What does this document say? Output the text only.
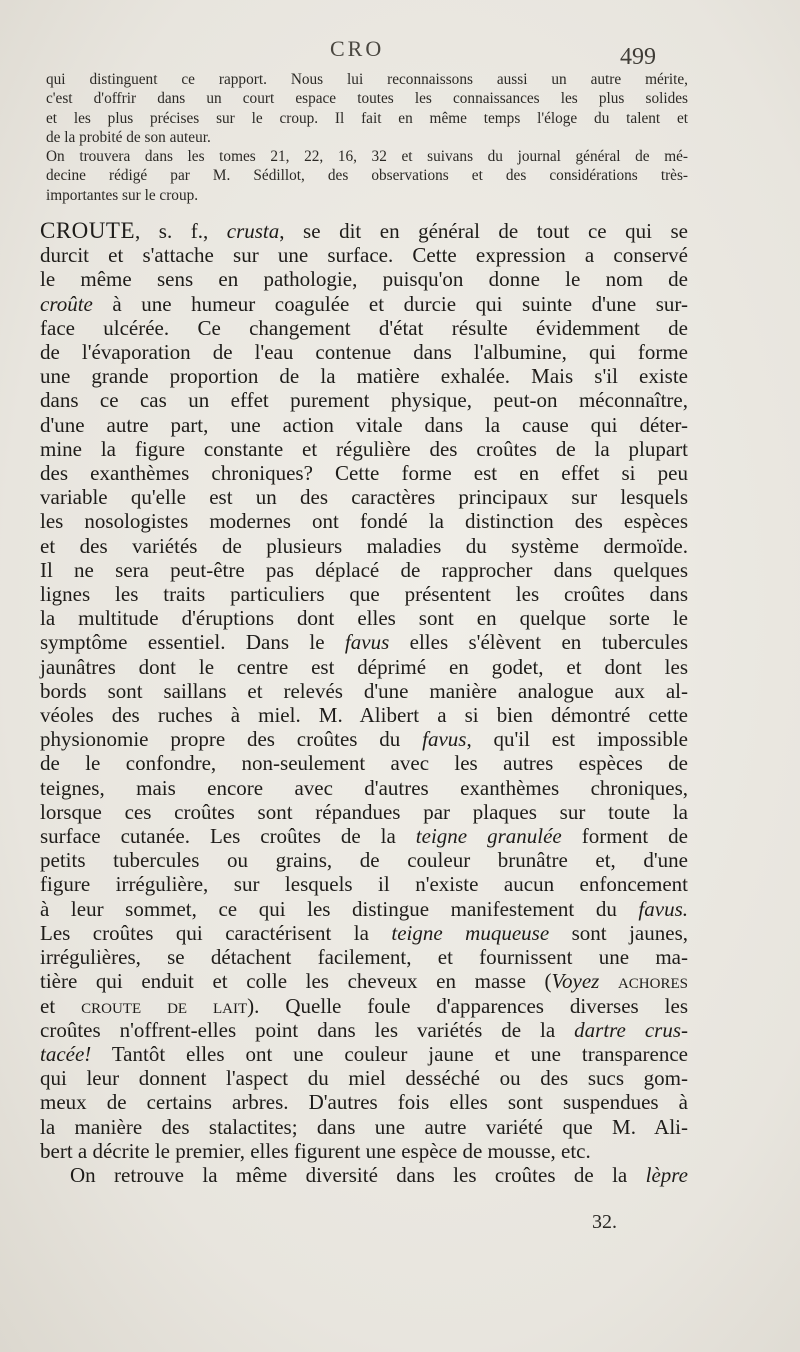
CRO	499
qui distinguent ce rapport. Nous lui reconnaissons aussi un autre mérite,
c'est d'offrir dans un court espace toutes les connaissances les plus solides
et les plus précises sur le croup. Il fait en même temps l'éloge du talent et
de la probité de son auteur.
On trouvera dans les tomes 21, 22, 16, 32 et suivans du journal général de mé-
decine rédigé par M. Sédillot, des observations et des considérations très-
importantes sur le croup.
CROUTE, s. f., crusta, se dit en général de tout ce qui se
durcit et s'attache sur une surface. Cette expression a conservé
le même sens en pathologie, puisqu'on donne le nom de
croûte à une humeur coagulée et durcie qui suinte d'une sur-
face ulcérée. Ce changement d'état résulte évidemment de
de l'évaporation de l'eau contenue dans l'albumine, qui forme
une grande proportion de la matière exhalée. Mais s'il existe
dans ce cas un effet purement physique, peut-on méconnaître,
d'une autre part, une action vitale dans la cause qui déter-
mine la figure constante et régulière des croûtes de la plupart
des exanthèmes chroniques? Cette forme est en effet si peu
variable qu'elle est un des caractères principaux sur lesquels
les nosologistes modernes ont fondé la distinction des espèces
et des variétés de plusieurs maladies du système dermoïde.
Il ne sera peut-être pas déplacé de rapprocher dans quelques
lignes les traits particuliers que présentent les croûtes dans
la multitude d'éruptions dont elles sont en quelque sorte le
symptôme essentiel. Dans le favus elles s'élèvent en tubercules
jaunâtres dont le centre est déprimé en godet, et dont les
bords sont saillans et relevés d'une manière analogue aux al-
véoles des ruches à miel. M. Alibert a si bien démontré cette
physionomie propre des croûtes du favus, qu'il est impossible
de le confondre, non-seulement avec les autres espèces de
teignes, mais encore avec d'autres exanthèmes chroniques,
lorsque ces croûtes sont répandues par plaques sur toute la
surface cutanée. Les croûtes de la teigne granulée forment de
petits tubercules ou grains, de couleur brunâtre et, d'une
figure irrégulière, sur lesquels il n'existe aucun enfoncement
à leur sommet, ce qui les distingue manifestement du favus.
Les croûtes qui caractérisent la teigne muqueuse sont jaunes,
irrégulières, se détachent facilement, et fournissent une ma-
tière qui enduit et colle les cheveux en masse (Voyez achores
et croute de lait). Quelle foule d'apparences diverses les
croûtes n'offrent-elles point dans les variétés de la dartre crus-
tacée! Tantôt elles ont une couleur jaune et une transparence
qui leur donnent l'aspect du miel desséché ou des sucs gom-
meux de certains arbres. D'autres fois elles sont suspendues à
la manière des stalactites; dans une autre variété que M. Ali-
bert a décrite le premier, elles figurent une espèce de mousse, etc.
On retrouve la même diversité dans les croûtes de la lèpre
32.
